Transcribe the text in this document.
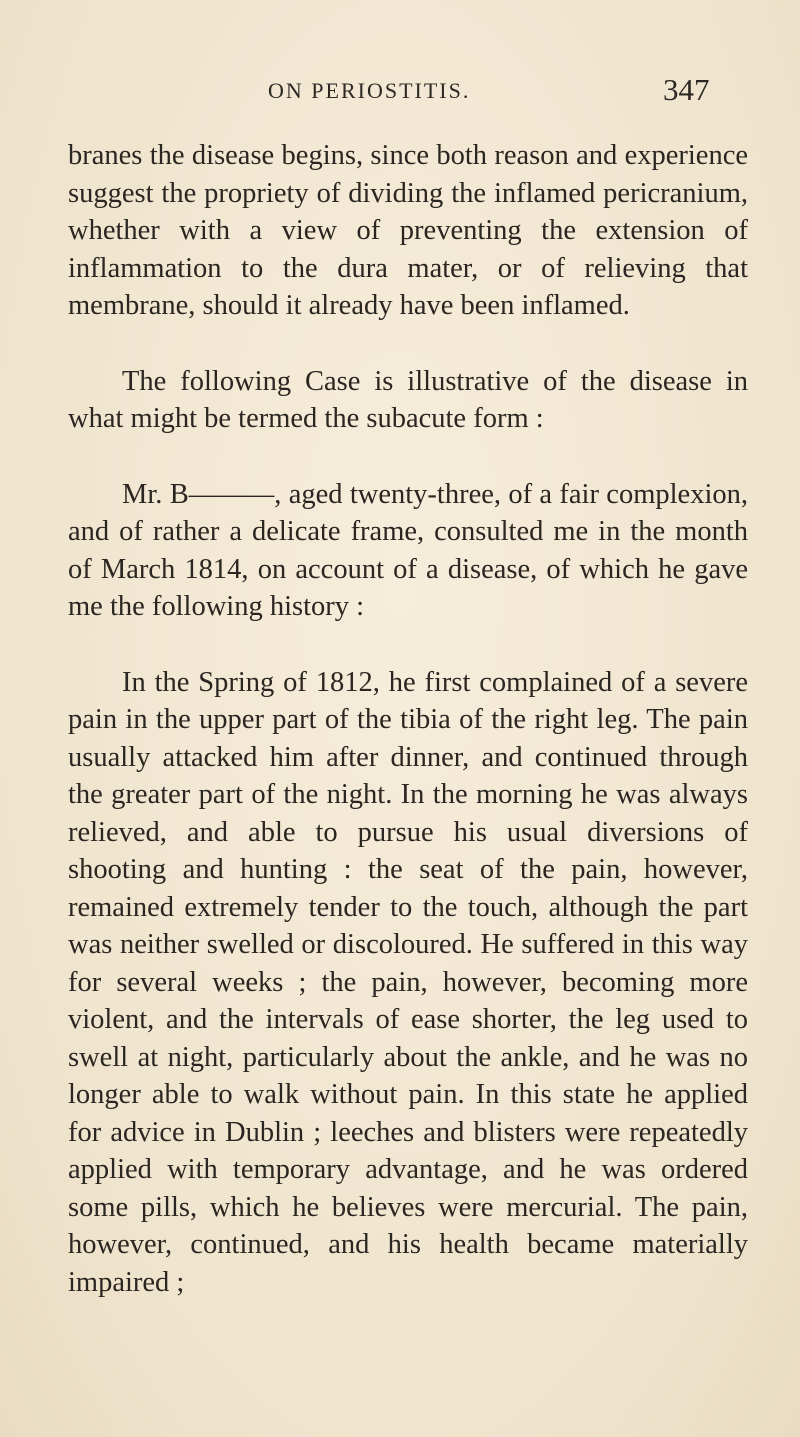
ON PERIOSTITIS.	347

branes the disease begins, since both reason and experience suggest the propriety of dividing the inflamed pericranium, whether with a view of preventing the extension of inflammation to the dura mater, or of relieving that membrane, should it already have been inflamed.

The following Case is illustrative of the disease in what might be termed the subacute form :

Mr. B———, aged twenty-three, of a fair complexion, and of rather a delicate frame, consulted me in the month of March 1814, on account of a disease, of which he gave me the following history :

In the Spring of 1812, he first complained of a severe pain in the upper part of the tibia of the right leg. The pain usually attacked him after dinner, and continued through the greater part of the night. In the morning he was always relieved, and able to pursue his usual diversions of shooting and hunting : the seat of the pain, however, remained extremely tender to the touch, although the part was neither swelled or discoloured. He suffered in this way for several weeks ; the pain, however, becoming more violent, and the intervals of ease shorter, the leg used to swell at night, particularly about the ankle, and he was no longer able to walk without pain. In this state he applied for advice in Dublin ; leeches and blisters were repeatedly applied with temporary advantage, and he was ordered some pills, which he believes were mercurial. The pain, however, continued, and his health became materially impaired ;
